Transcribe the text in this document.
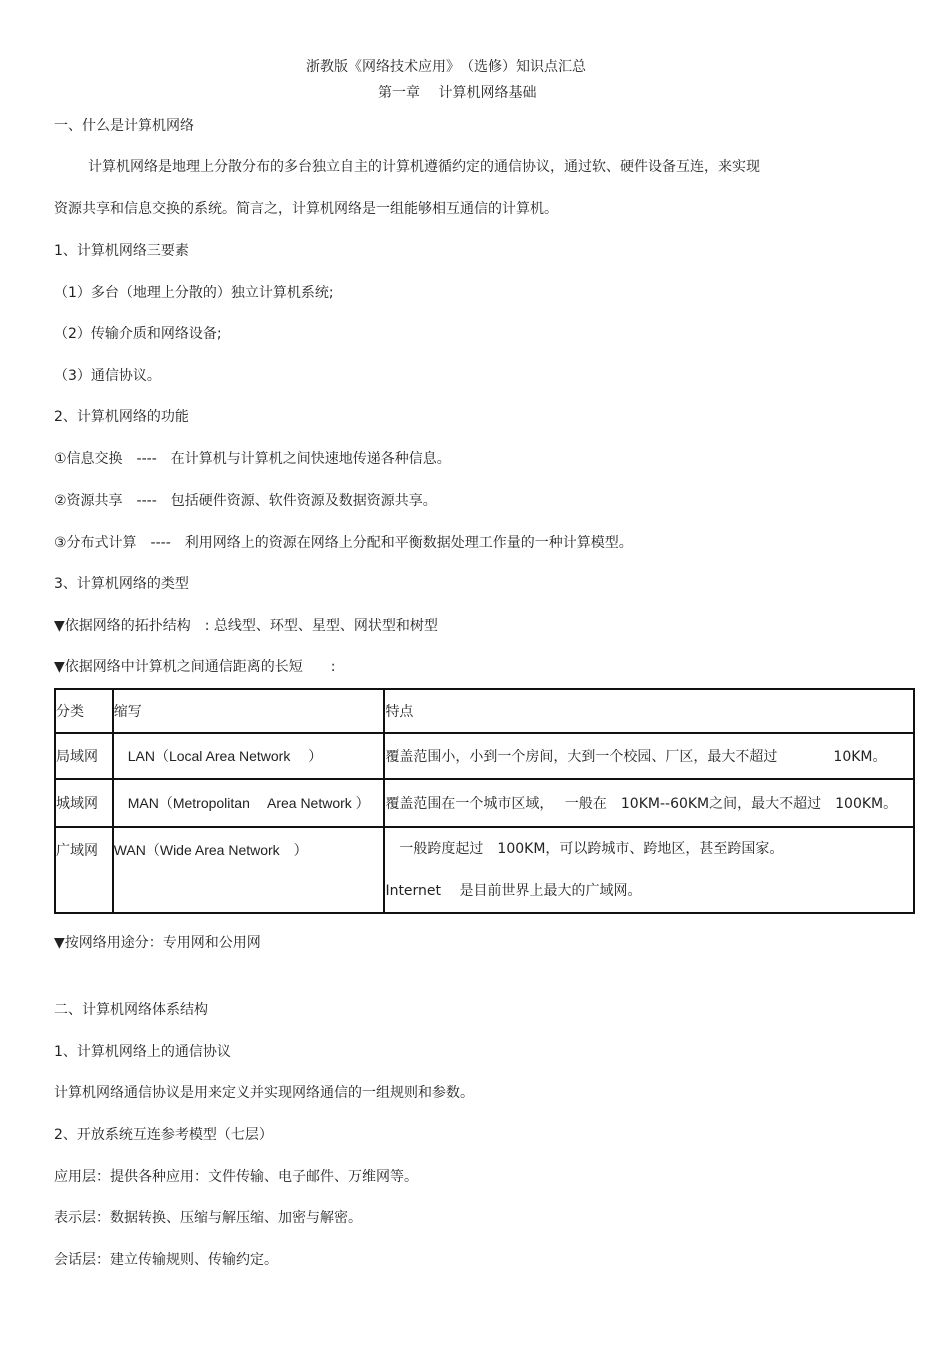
浙教版《网络技术应用》　（选修）知识点汇总
第一章　 计算机网络基础
一、什么是计算机网络
计算机网络是地理上分散分布的多台独立自主的计算机遵循约定的通信协议，通过软、硬件设备互连，来实现
资源共享和信息交换的系统。简言之，计算机网络是一组能够相互通信的计算机。
1、计算机网络三要素
（1）多台（地理上分散的）独立计算机系统;
（2）传输介质和网络设备;
（3）通信协议。
2、计算机网络的功能
①信息交换　----　在计算机与计算机之间快速地传递各种信息。
②资源共享　----　包括硬件资源、软件资源及数据资源共享。
③分布式计算　----　利用网络上的资源在网络上分配和平衡数据处理工作量的一种计算模型。
3、计算机网络的类型
▼依据网络的拓扑结构　: 总线型、环型、星型、网状型和树型
▼依据网络中计算机之间通信距离的长短　　:
分类	缩写	特点
局域网	　LAN（Local Area Network　 ）	覆盖范围小，小到一个房间，大到一个校园、厂区，最大不超过　　　　10KM。
城域网	　MAN（Metropolitan　 Area Network ）	覆盖范围在一个城市区域，　 一般在　10KM--60KM之间，最大不超过　100KM。
广域网	WAN（Wide Area Network　）	　一般跨度起过　100KM，可以跨城市、跨地区，甚至跨国家。
Internet　 是目前世界上最大的广域网。
▼按网络用途分：专用网和公用网
二、计算机网络体系结构
1、计算机网络上的通信协议
计算机网络通信协议是用来定义并实现网络通信的一组规则和参数。
2、开放系统互连参考模型（七层）
应用层：提供各种应用：文件传输、电子邮件、万维网等。
表示层：数据转换、压缩与解压缩、加密与解密。
会话层：建立传输规则、传输约定。
